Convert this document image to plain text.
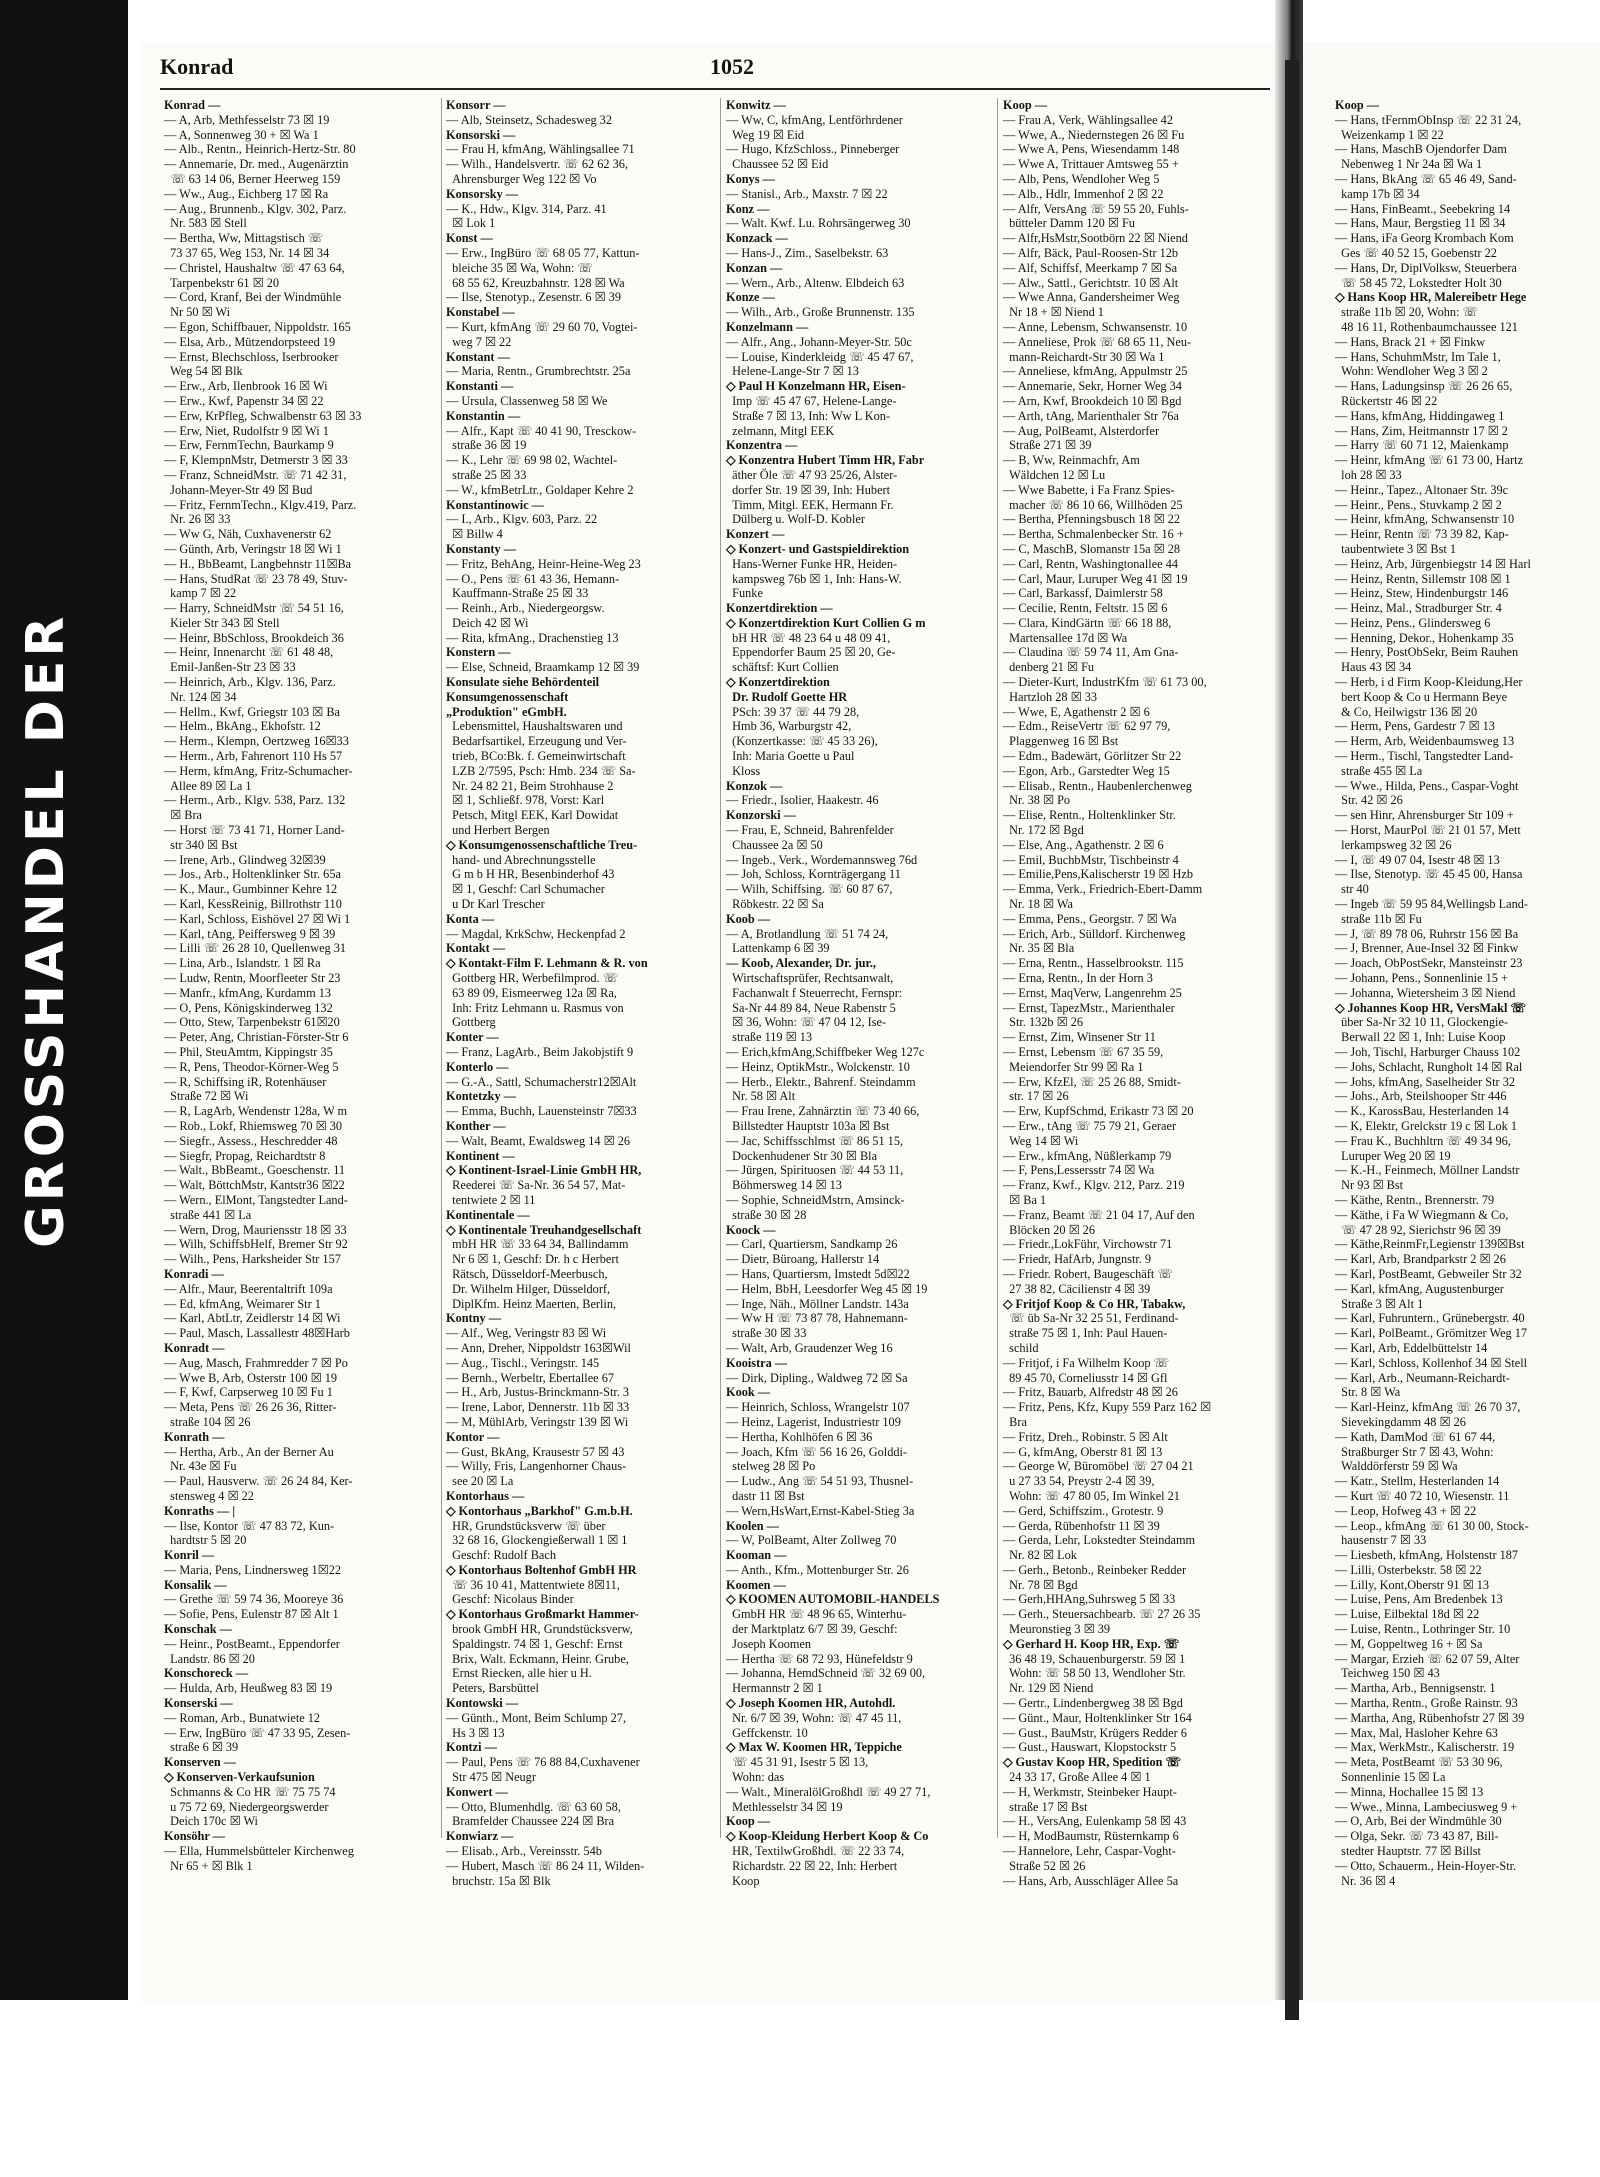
GROSSHANDEL DER
Konrad	1052
Konrad —
— A, Arb, Methfesselstr 73 ☒ 19
— A, Sonnenweg 30 + ☒ Wa 1
— Alb., Rentn., Heinrich-Hertz-Str. 80
— Annemarie, Dr. med., Augenärztin
☏ 63 14 06, Berner Heerweg 159
— Ww., Aug., Eichberg 17 ☒ Ra
— Aug., Brunnenb., Klgv. 302, Parz.
Nr. 583 ☒ Stell
— Bertha, Ww, Mittagstisch ☏
73 37 65, Weg 153, Nr. 14 ☒ 34
— Christel, Haushaltw ☏ 47 63 64,
Tarpenbekstr 61 ☒ 20
— Cord, Kranf, Bei der Windmühle
Nr 50 ☒ Wi
— Egon, Schiffbauer, Nippoldstr. 165
— Elsa, Arb., Mützendorpsteed 19
— Ernst, Blechschloss, Iserbrooker
Weg 54 ☒ Blk
— Erw., Arb, Ilenbrook 16 ☒ Wi
— Erw., Kwf, Papenstr 34 ☒ 22
— Erw, KrPfleg, Schwalbenstr 63 ☒ 33
— Erw, Niet, Rudolfstr 9 ☒ Wi 1
— Erw, FernmTechn, Baurkamp 9
— F, KlempnMstr, Detmerstr 3 ☒ 33
— Franz, SchneidMstr. ☏ 71 42 31,
Johann-Meyer-Str 49 ☒ Bud
— Fritz, FernmTechn., Klgv.419, Parz.
Nr. 26 ☒ 33
— Ww G, Näh, Cuxhavenerstr 62
— Günth, Arb, Veringstr 18 ☒ Wi 1
— H., BbBeamt, Langbehnstr 11☒Ba
— Hans, StudRat ☏ 23 78 49, Stuv-
kamp 7 ☒ 22
— Harry, SchneidMstr ☏ 54 51 16,
Kieler Str 343 ☒ Stell
— Heinr, BbSchloss, Brookdeich 36
— Heinr, Innenarcht ☏ 61 48 48,
Emil-Janßen-Str 23 ☒ 33
— Heinrich, Arb., Klgv. 136, Parz.
Nr. 124 ☒ 34
— Hellm., Kwf, Griegstr 103 ☒ Ba
— Helm., BkAng., Ekhofstr. 12
— Herm., Klempn, Oertzweg 16☒33
— Herm., Arb, Fahrenort 110 Hs 57
— Herm, kfmAng, Fritz-Schumacher-
Allee 89 ☒ La 1
— Herm., Arb., Klgv. 538, Parz. 132
☒ Bra
— Horst ☏ 73 41 71, Horner Land-
str 340 ☒ Bst
— Irene, Arb., Glindweg 32☒39
— Jos., Arb., Holtenklinker Str. 65a
— K., Maur., Gumbinner Kehre 12
— Karl, KessReinig, Billrothstr 110
— Karl, Schloss, Eishövel 27 ☒ Wi 1
— Karl, tAng, Peiffersweg 9 ☒ 39
— Lilli ☏ 26 28 10, Quellenweg 31
— Lina, Arb., Islandstr. 1 ☒ Ra
— Ludw, Rentn, Moorfleeter Str 23
— Manfr., kfmAng, Kurdamm 13
— O, Pens, Königskinderweg 132
— Otto, Stew, Tarpenbekstr 61☒20
— Peter, Ang, Christian-Förster-Str 6
— Phil, SteuAmtm, Kippingstr 35
— R, Pens, Theodor-Körner-Weg 5
— R, Schiffsing iR, Rotenhäuser
Straße 72 ☒ Wi
— R, LagArb, Wendenstr 128a, W m
— Rob., Lokf, Rhiemsweg 70 ☒ 30
— Siegfr., Assess., Heschredder 48
— Siegfr, Propag, Reichardtstr 8
— Walt., BbBeamt., Goeschenstr. 11
— Walt, BöttchMstr, Kantstr36 ☒22
— Wern., ElMont, Tangstedter Land-
straße 441 ☒ La
— Wern, Drog, Mauriensstr 18 ☒ 33
— Wilh, SchiffsbHelf, Bremer Str 92
— Wilh., Pens, Harksheider Str 157
Konradi —
— Alfr., Maur, Beerentaltrift 109a
— Ed, kfmAng, Weimarer Str 1
— Karl, AbtLtr, Zeidlerstr 14 ☒ Wi
— Paul, Masch, Lassallestr 48☒Harb
Konradt —
— Aug, Masch, Frahmredder 7 ☒ Po
— Wwe B, Arb, Osterstr 100 ☒ 19
— F, Kwf, Carpserweg 10 ☒ Fu 1
— Meta, Pens ☏ 26 26 36, Ritter-
straße 104 ☒ 26
Konrath —
— Hertha, Arb., An der Berner Au
Nr. 43e ☒ Fu
— Paul, Hausverw. ☏ 26 24 84, Ker-
stensweg 4 ☒ 22
Konraths — |
— Ilse, Kontor ☏ 47 83 72, Kun-
hardtstr 5 ☒ 20
Konril —
— Maria, Pens, Lindnersweg 1☒22
Konsalik —
— Grethe ☏ 59 74 36, Mooreye 36
— Sofie, Pens, Eulenstr 87 ☒ Alt 1
Konschak —
— Heinr., PostBeamt., Eppendorfer
Landstr. 86 ☒ 20
Konschoreck —
— Hulda, Arb, Heußweg 83 ☒ 19
Konserski —
— Roman, Arb., Bunatwiete 12
— Erw, IngBüro ☏ 47 33 95, Zesen-
straße 6 ☒ 39
Konserven —
◇ Konserven-Verkaufsunion
Schmanns & Co HR ☏ 75 75 74
u 75 72 69, Niedergeorgswerder
Deich 170c ☒ Wi
Konsöhr —
— Ella, Hummelsbütteler Kirchenweg
Nr 65 + ☒ Blk 1
Konsorr —
— Alb, Steinsetz, Schadesweg 32
Konsorski —
— Frau H, kfmAng, Wählingsallee 71
— Wilh., Handelsvertr. ☏ 62 62 36,
Ahrensburger Weg 122 ☒ Vo
Konsorsky —
— K., Hdw., Klgv. 314, Parz. 41
☒ Lok 1
Konst —
— Erw., IngBüro ☏ 68 05 77, Kattun-
bleiche 35 ☒ Wa, Wohn: ☏
68 55 62, Kreuzbahnstr. 128 ☒ Wa
— Ilse, Stenotyp., Zesenstr. 6 ☒ 39
Konstabel —
— Kurt, kfmAng ☏ 29 60 70, Vogtei-
weg 7 ☒ 22
Konstant —
— Maria, Rentn., Grumbrechtstr. 25a
Konstanti —
— Ursula, Classenweg 58 ☒ We
Konstantin —
— Alfr., Kapt ☏ 40 41 90, Tresckow-
straße 36 ☒ 19
— K., Lehr ☏ 69 98 02, Wachtel-
straße 25 ☒ 33
— W., kfmBetrLtr., Goldaper Kehre 2
Konstantinowic —
— I., Arb., Klgv. 603, Parz. 22
☒ Billw 4
Konstanty —
— Fritz, BehAng, Heinr-Heine-Weg 23
— O., Pens ☏ 61 43 36, Hemann-
Kauffmann-Straße 25 ☒ 33
— Reinh., Arb., Niedergeorgsw.
Deich 42 ☒ Wi
— Rita, kfmAng., Drachenstieg 13
Konstern —
— Else, Schneid, Braamkamp 12 ☒ 39
Konsulate siehe Behördenteil
Konsumgenossenschaft
„Produktion" eGmbH.
Lebensmittel, Haushaltswaren und
Bedarfsartikel, Erzeugung und Ver-
trieb, BCo:Bk. f. Gemeinwirtschaft
LZB 2/7595, Psch: Hmb. 234 ☏ Sa-
Nr. 24 82 21, Beim Strohhause 2
☒ 1, Schließf. 978, Vorst: Karl
Petsch, Mitgl EEK, Karl Dowidat
und Herbert Bergen
◇ Konsumgenossenschaftliche Treu-
hand- und Abrechnungsstelle
G m b H HR, Besenbinderhof 43
☒ 1, Geschf: Carl Schumacher
u Dr Karl Trescher
Konta —
— Magdal, KrkSchw, Heckenpfad 2
Kontakt —
◇ Kontakt-Film F. Lehmann & R. von
Gottberg HR, Werbefilmprod. ☏
63 89 09, Eismeerweg 12a ☒ Ra,
Inh: Fritz Lehmann u. Rasmus von
Gottberg
Konter —
— Franz, LagArb., Beim Jakobjstift 9
Konterlo —
— G.-A., Sattl, Schumacherstr12☒Alt
Kontetzky —
— Emma, Buchh, Lauensteinstr 7☒33
Konther —
— Walt, Beamt, Ewaldsweg 14 ☒ 26
Kontinent —
◇ Kontinent-Israel-Linie GmbH HR,
Reederei ☏ Sa-Nr. 36 54 57, Mat-
tentwiete 2 ☒ 11
Kontinentale —
◇ Kontinentale Treuhandgesellschaft
mbH HR ☏ 33 64 34, Ballindamm
Nr 6 ☒ 1, Geschf: Dr. h c Herbert
Rätsch, Düsseldorf-Meerbusch,
Dr. Wilhelm Hilger, Düsseldorf,
DiplKfm. Heinz Maerten, Berlin,
Kontny —
— Alf., Weg, Veringstr 83 ☒ Wi
— Ann, Dreher, Nippoldstr 163☒Wil
— Aug., Tischl., Veringstr. 145
— Bernh., Werbeltr, Ebertallee 67
— H., Arb, Justus-Brinckmann-Str. 3
— Irene, Labor, Dennerstr. 11b ☒ 33
— M, MühlArb, Veringstr 139 ☒ Wi
Kontor —
— Gust, BkAng, Krausestr 57 ☒ 43
— Willy, Fris, Langenhorner Chaus-
see 20 ☒ La
Kontorhaus —
◇ Kontorhaus „Barkhof" G.m.b.H.
HR, Grundstücksverw ☏ über
32 68 16, Glockengießerwall 1 ☒ 1
Geschf: Rudolf Bach
◇ Kontorhaus Boltenhof GmbH HR
☏ 36 10 41, Mattentwiete 8☒11,
Geschf: Nicolaus Binder
◇ Kontorhaus Großmarkt Hammer-
brook GmbH HR, Grundstücksverw,
Spaldingstr. 74 ☒ 1, Geschf: Ernst
Brix, Walt. Eckmann, Heinr. Grube,
Ernst Riecken, alle hier u H.
Peters, Barsbüttel
Kontowski —
— Günth., Mont, Beim Schlump 27,
Hs 3 ☒ 13
Kontzi —
— Paul, Pens ☏ 76 88 84,Cuxhavener
Str 475 ☒ Neugr
Konwert —
— Otto, Blumenhdlg. ☏ 63 60 58,
Bramfelder Chaussee 224 ☒ Bra
Konwiarz —
— Elisab., Arb., Vereinsstr. 54b
— Hubert, Masch ☏ 86 24 11, Wilden-
bruchstr. 15a ☒ Blk
Konwitz —
— Ww, C, kfmAng, Lentförhrdener
Weg 19 ☒ Eid
— Hugo, KfzSchloss., Pinneberger
Chaussee 52 ☒ Eid
Konys —
— Stanisl., Arb., Maxstr. 7 ☒ 22
Konz —
— Walt. Kwf. Lu. Rohrsängerweg 30
Konzack —
— Hans-J., Zim., Saselbekstr. 63
Konzan —
— Wern., Arb., Altenw. Elbdeich 63
Konze —
— Wilh., Arb., Große Brunnenstr. 135
Konzelmann —
— Alfr., Ang., Johann-Meyer-Str. 50c
— Louise, Kinderkleidg ☏ 45 47 67,
Helene-Lange-Str 7 ☒ 13
◇ Paul H Konzelmann HR, Eisen-
Imp ☏ 45 47 67, Helene-Lange-
Straße 7 ☒ 13, Inh: Ww L Kon-
zelmann, Mitgl EEK
Konzentra —
◇ Konzentra Hubert Timm HR, Fabr
äther Öle ☏ 47 93 25/26, Alster-
dorfer Str. 19 ☒ 39, Inh: Hubert
Timm, Mitgl. EEK, Hermann Fr.
Dülberg u. Wolf-D. Kobler
Konzert —
◇ Konzert- und Gastspieldirektion
Hans-Werner Funke HR, Heiden-
kampsweg 76b ☒ 1, Inh: Hans-W.
Funke
Konzertdirektion —
◇ Konzertdirektion Kurt Collien G m
bH HR ☏ 48 23 64 u 48 09 41,
Eppendorfer Baum 25 ☒ 20, Ge-
schäftsf: Kurt Collien
◇ Konzertdirektion
Dr. Rudolf Goette HR
PSch: 39 37 ☏ 44 79 28,
Hmb 36, Warburgstr 42,
(Konzertkasse: ☏ 45 33 26),
Inh: Maria Goette u Paul
Kloss
Konzok —
— Friedr., Isolier, Haakestr. 46
Konzorski —
— Frau, E, Schneid, Bahrenfelder
Chaussee 2a ☒ 50
— Ingeb., Verk., Wordemannsweg 76d
— Joh, Schloss, Kornträgergang 11
— Wilh, Schiffsing. ☏ 60 87 67,
Röbkestr. 22 ☒ Sa
Koob —
— A, Brotlandlung ☏ 51 74 24,
Lattenkamp 6 ☒ 39
— Koob, Alexander, Dr. jur.,
Wirtschaftsprüfer, Rechtsanwalt,
Fachanwalt f Steuerrecht, Fernspr:
Sa-Nr 44 89 84, Neue Rabenstr 5
☒ 36, Wohn: ☏ 47 04 12, Ise-
straße 119 ☒ 13
— Erich,kfmAng,Schiffbeker Weg 127c
— Heinz, OptikMstr., Wolckenstr. 10
— Herb., Elektr., Bahrenf. Steindamm
Nr. 58 ☒ Alt
— Frau Irene, Zahnärztin ☏ 73 40 66,
Billstedter Hauptstr 103a ☒ Bst
— Jac, Schiffsschlmst ☏ 86 51 15,
Dockenhudener Str 30 ☒ Bla
— Jürgen, Spirituosen ☏ 44 53 11,
Böhmersweg 14 ☒ 13
— Sophie, SchneidMstrn, Amsinck-
straße 30 ☒ 28
Koock —
— Carl, Quartiersm, Sandkamp 26
— Dietr, Büroang, Hallerstr 14
— Hans, Quartiersm, Imstedt 5d☒22
— Helm, BbH, Leesdorfer Weg 45 ☒ 19
— Inge, Näh., Möllner Landstr. 143a
— Ww H ☏ 73 87 78, Hahnemann-
straße 30 ☒ 33
— Walt, Arb, Graudenzer Weg 16
Kooistra —
— Dirk, Dipling., Waldweg 72 ☒ Sa
Kook —
— Heinrich, Schloss, Wrangelstr 107
— Heinz, Lagerist, Industriestr 109
— Hertha, Kohlhöfen 6 ☒ 36
— Joach, Kfm ☏ 56 16 26, Golddi-
stelweg 28 ☒ Po
— Ludw., Ang ☏ 54 51 93, Thusnel-
dastr 11 ☒ Bst
— Wern,HsWart,Ernst-Kabel-Stieg 3a
Koolen —
— W, PolBeamt, Alter Zollweg 70
Kooman —
— Anth., Kfm., Mottenburger Str. 26
Koomen —
◇ KOOMEN AUTOMOBIL-HANDELS
GmbH HR ☏ 48 96 65, Winterhu-
der Marktplatz 6/7 ☒ 39, Geschf:
Joseph Koomen
— Hertha ☏ 68 72 93, Hünefeldstr 9
— Johanna, HemdSchneid ☏ 32 69 00,
Hermannstr 2 ☒ 1
◇ Joseph Koomen HR, Autohdl.
Nr. 6/7 ☒ 39, Wohn: ☏ 47 45 11,
Geffckenstr. 10
◇ Max W. Koomen HR, Teppiche
☏ 45 31 91, Isestr 5 ☒ 13,
Wohn: das
— Walt., MineralölGroßhdl ☏ 49 27 71,
Methlesselstr 34 ☒ 19
Koop —
◇ Koop-Kleidung Herbert Koop & Co
HR, TextilwGroßhdl. ☏ 22 33 74,
Richardstr. 22 ☒ 22, Inh: Herbert
Koop
Koop —
— Frau A, Verk, Wählingsallee 42
— Wwe, A., Niedernstegen 26 ☒ Fu
— Wwe A, Pens, Wiesendamm 148
— Wwe A, Trittauer Amtsweg 55 +
— Alb, Pens, Wendloher Weg 5
— Alb., Hdlr, Immenhof 2 ☒ 22
— Alfr, VersAng ☏ 59 55 20, Fuhls-
bütteler Damm 120 ☒ Fu
— Alfr,HsMstr,Sootbörn 22 ☒ Niend
— Alfr, Bäck, Paul-Roosen-Str 12b
— Alf, Schiffsf, Meerkamp 7 ☒ Sa
— Alw., Sattl., Gerichtstr. 10 ☒ Alt
— Wwe Anna, Gandersheimer Weg
Nr 18 + ☒ Niend 1
— Anne, Lebensm, Schwansenstr. 10
— Anneliese, Prok ☏ 68 65 11, Neu-
mann-Reichardt-Str 30 ☒ Wa 1
— Anneliese, kfmAng, Appulmstr 25
— Annemarie, Sekr, Horner Weg 34
— Arn, Kwf, Brookdeich 10 ☒ Bgd
— Arth, tAng, Marienthaler Str 76a
— Aug, PolBeamt, Alsterdorfer
Straße 271 ☒ 39
— B, Ww, Reinmachfr, Am
Wäldchen 12 ☒ Lu
— Wwe Babette, i Fa Franz Spies-
macher ☏ 86 10 66, Willhöden 25
— Bertha, Pfenningsbusch 18 ☒ 22
— Bertha, Schmalenbecker Str. 16 +
— C, MaschB, Slomanstr 15a ☒ 28
— Carl, Rentn, Washingtonallee 44
— Carl, Maur, Luruper Weg 41 ☒ 19
— Carl, Barkassf, Daimlerstr 58
— Cecilie, Rentn, Feltstr. 15 ☒ 6
— Clara, KindGärtn ☏ 66 18 88,
Martensallee 17d ☒ Wa
— Claudina ☏ 59 74 11, Am Gna-
denberg 21 ☒ Fu
— Dieter-Kurt, IndustrKfm ☏ 61 73 00,
Hartzloh 28 ☒ 33
— Wwe, E, Agathenstr 2 ☒ 6
— Edm., ReiseVertr ☏ 62 97 79,
Plaggenweg 16 ☒ Bst
— Edm., Badewärt, Görlitzer Str 22
— Egon, Arb., Garstedter Weg 15
— Elisab., Rentn., Haubenlerchenweg
Nr. 38 ☒ Po
— Elise, Rentn., Holtenklinker Str.
Nr. 172 ☒ Bgd
— Else, Ang., Agathenstr. 2 ☒ 6
— Emil, BuchbMstr, Tischbeinstr 4
— Emilie,Pens,Kalischerstr 19 ☒ Hzb
— Emma, Verk., Friedrich-Ebert-Damm
Nr. 18 ☒ Wa
— Emma, Pens., Georgstr. 7 ☒ Wa
— Erich, Arb., Sülldorf. Kirchenweg
Nr. 35 ☒ Bla
— Erna, Rentn., Hasselbrookstr. 115
— Erna, Rentn., In der Horn 3
— Ernst, MaqVerw, Langenrehm 25
— Ernst, TapezMstr., Marienthaler
Str. 132b ☒ 26
— Ernst, Zim, Winsener Str 11
— Ernst, Lebensm ☏ 67 35 59,
Meiendorfer Str 99 ☒ Ra 1
— Erw, KfzEl, ☏ 25 26 88, Smidt-
str. 17 ☒ 26
— Erw, KupfSchmd, Erikastr 73 ☒ 20
— Erw., tAng ☏ 75 79 21, Geraer
Weg 14 ☒ Wi
— Erw., kfmAng, Nüßlerkamp 79
— F, Pens,Lessersstr 74 ☒ Wa
— Franz, Kwf., Klgv. 212, Parz. 219
☒ Ba 1
— Franz, Beamt ☏ 21 04 17, Auf den
Blöcken 20 ☒ 26
— Friedr.,LokFühr, Virchowstr 71
— Friedr, HafArb, Jungnstr. 9
— Friedr. Robert, Baugeschäft ☏
27 38 82, Cäcilienstr 4 ☒ 39
◇ Fritjof Koop & Co HR, Tabakw,
☏ üb Sa-Nr 32 25 51, Ferdinand-
straße 75 ☒ 1, Inh: Paul Hauen-
schild
— Fritjof, i Fa Wilhelm Koop ☏
89 45 70, Corneliusstr 14 ☒ Gfl
— Fritz, Bauarb, Alfredstr 48 ☒ 26
— Fritz, Pens, Kfz, Kupy 559 Parz 162 ☒
Bra
— Fritz, Dreh., Robinstr. 5 ☒ Alt
— G, kfmAng, Oberstr 81 ☒ 13
— George W, Büromöbel ☏ 27 04 21
u 27 33 54, Preystr 2-4 ☒ 39,
Wohn: ☏ 47 80 05, Im Winkel 21
— Gerd, Schiffszim., Grotestr. 9
— Gerda, Rübenhofstr 11 ☒ 39
— Gerda, Lehr, Lokstedter Steindamm
Nr. 82 ☒ Lok
— Gerh., Betonb., Reinbeker Redder
Nr. 78 ☒ Bgd
— Gerh,HHAng,Suhrsweg 5 ☒ 33
— Gerh., Steuersachbearb. ☏ 27 26 35
Meuronstieg 3 ☒ 39
◇ Gerhard H. Koop HR, Exp. ☏
36 48 19, Schauenburgerstr. 59 ☒ 1
Wohn: ☏ 58 50 13, Wendloher Str.
Nr. 129 ☒ Niend
— Gertr., Lindenbergweg 38 ☒ Bgd
— Günt., Maur, Holtenklinker Str 164
— Gust., BauMstr, Krügers Redder 6
— Gust., Hauswart, Klopstockstr 5
◇ Gustav Koop HR, Spedition ☏
24 33 17, Große Allee 4 ☒ 1
— H, Werkmstr, Steinbeker Haupt-
straße 17 ☒ Bst
— H., VersAng, Eulenkamp 58 ☒ 43
— H, ModBaumstr, Rüsternkamp 6
— Hannelore, Lehr, Caspar-Voght-
Straße 52 ☒ 26
— Hans, Arb, Ausschläger Allee 5a
Koop —
— Hans, tFernmObInsp ☏ 22 31 24,
Weizenkamp 1 ☒ 22
— Hans, MaschB Ojendorfer Dam
Nebenweg 1 Nr 24a ☒ Wa 1
— Hans, BkAng ☏ 65 46 49, Sand-
kamp 17b ☒ 34
— Hans, FinBeamt., Seebekring 14
— Hans, Maur, Bergstieg 11 ☒ 34
— Hans, iFa Georg Krombach Kom
Ges ☏ 40 52 15, Goebenstr 22
— Hans, Dr, DiplVolksw, Steuerbera
☏ 58 45 72, Lokstedter Holt 30
◇ Hans Koop HR, Malereibetr Hege
straße 11b ☒ 20, Wohn: ☏
48 16 11, Rothenbaumchaussee 121
— Hans, Brack 21 + ☒ Finkw
— Hans, SchuhmMstr, Im Tale 1,
Wohn: Wendloher Weg 3 ☒ 2
— Hans, Ladungsinsp ☏ 26 26 65,
Rückertstr 46 ☒ 22
— Hans, kfmAng, Hiddingaweg 1
— Hans, Zim, Heitmannstr 17 ☒ 2
— Harry ☏ 60 71 12, Maienkamp
— Heinr, kfmAng ☏ 61 73 00, Hartz
loh 28 ☒ 33
— Heinr., Tapez., Altonaer Str. 39c
— Heinr., Pens., Stuvkamp 2 ☒ 2
— Heinr, kfmAng, Schwansenstr 10
— Heinr, Rentn ☏ 73 39 82, Kap-
taubentwiete 3 ☒ Bst 1
— Heinz, Arb, Jürgenbiegstr 14 ☒ Harl
— Heinz, Rentn, Sillemstr 108 ☒ 1
— Heinz, Stew, Hindenburgstr 146
— Heinz, Mal., Stradburger Str. 4
— Heinz, Pens., Glindersweg 6
— Henning, Dekor., Hohenkamp 35
— Henry, PostObSekr, Beim Rauhen
Haus 43 ☒ 34
— Herb, i d Firm Koop-Kleidung,Her
bert Koop & Co u Hermann Beye
& Co, Heilwigstr 136 ☒ 20
— Herm, Pens, Gardestr 7 ☒ 13
— Herm, Arb, Weidenbaumsweg 13
— Herm., Tischl, Tangstedter Land-
straße 455 ☒ La
— Wwe., Hilda, Pens., Caspar-Voght
Str. 42 ☒ 26
— sen Hinr, Ahrensburger Str 109 +
— Horst, MaurPol ☏ 21 01 57, Mett
lerkampsweg 32 ☒ 26
— I, ☏ 49 07 04, Isestr 48 ☒ 13
— Ilse, Stenotyp. ☏ 45 45 00, Hansa
str 40
— Ingeb ☏ 59 95 84,Wellingsb Land-
straße 11b ☒ Fu
— J, ☏ 89 78 06, Ruhrstr 156 ☒ Ba
— J, Brenner, Aue-Insel 32 ☒ Finkw
— Joach, ObPostSekr, Mansteinstr 23
— Johann, Pens., Sonnenlinie 15 +
— Johanna, Wietersheim 3 ☒ Niend
◇ Johannes Koop HR, VersMakl ☏
über Sa-Nr 32 10 11, Glockengie-
Berwall 22 ☒ 1, Inh: Luise Koop
— Joh, Tischl, Harburger Chauss 102
— Johs, Schlacht, Rungholt 14 ☒ Ral
— Johs, kfmAng, Saselheider Str 32
— Johs., Arb, Steilshooper Str 446
— K., KarossBau, Hesterlanden 14
— K, Elektr, Grelckstr 19 c ☒ Lok 1
— Frau K., Buchhltrn ☏ 49 34 96,
Luruper Weg 20 ☒ 19
— K.-H., Feinmech, Möllner Landstr
Nr 93 ☒ Bst
— Käthe, Rentn., Brennerstr. 79
— Käthe, i Fa W Wiegmann & Co,
☏ 47 28 92, Sierichstr 96 ☒ 39
— Käthe,ReinmFr,Legienstr 139☒Bst
— Karl, Arb, Brandparkstr 2 ☒ 26
— Karl, PostBeamt, Gebweiler Str 32
— Karl, kfmAng, Augustenburger
Straße 3 ☒ Alt 1
— Karl, Fuhruntern., Grünebergstr. 40
— Karl, PolBeamt., Grömitzer Weg 17
— Karl, Arb, Eddelbüttelstr 14
— Karl, Schloss, Kollenhof 34 ☒ Stell
— Karl, Arb., Neumann-Reichardt-
Str. 8 ☒ Wa
— Karl-Heinz, kfmAng ☏ 26 70 37,
Sievekingdamm 48 ☒ 26
— Kath, DamMod ☏ 61 67 44,
Straßburger Str 7 ☒ 43, Wohn:
Walddörferstr 59 ☒ Wa
— Katr., Stellm, Hesterlanden 14
— Kurt ☏ 40 72 10, Wiesenstr. 11
— Leop, Hofweg 43 + ☒ 22
— Leop., kfmAng ☏ 61 30 00, Stock-
hausenstr 7 ☒ 33
— Liesbeth, kfmAng, Holstenstr 187
— Lilli, Osterbekstr. 58 ☒ 22
— Lilly, Kont,Oberstr 91 ☒ 13
— Luise, Pens, Am Bredenbek 13
— Luise, Eilbektal 18d ☒ 22
— Luise, Rentn., Lothringer Str. 10
— M, Goppeltweg 16 + ☒ Sa
— Margar, Erzieh ☏ 62 07 59, Alter
Teichweg 150 ☒ 43
— Martha, Arb., Bennigsenstr. 1
— Martha, Rentn., Große Rainstr. 93
— Martha, Ang, Rübenhofstr 27 ☒ 39
— Max, Mal, Hasloher Kehre 63
— Max, WerkMstr., Kalischerstr. 19
— Meta, PostBeamt ☏ 53 30 96,
Sonnenlinie 15 ☒ La
— Minna, Hochallee 15 ☒ 13
— Wwe., Minna, Lambeciusweg 9 +
— O, Arb, Bei der Windmühle 30
— Olga, Sekr. ☏ 73 43 87, Bill-
stedter Hauptstr. 77 ☒ Billst
— Otto, Schauerm., Hein-Hoyer-Str.
Nr. 36 ☒ 4
